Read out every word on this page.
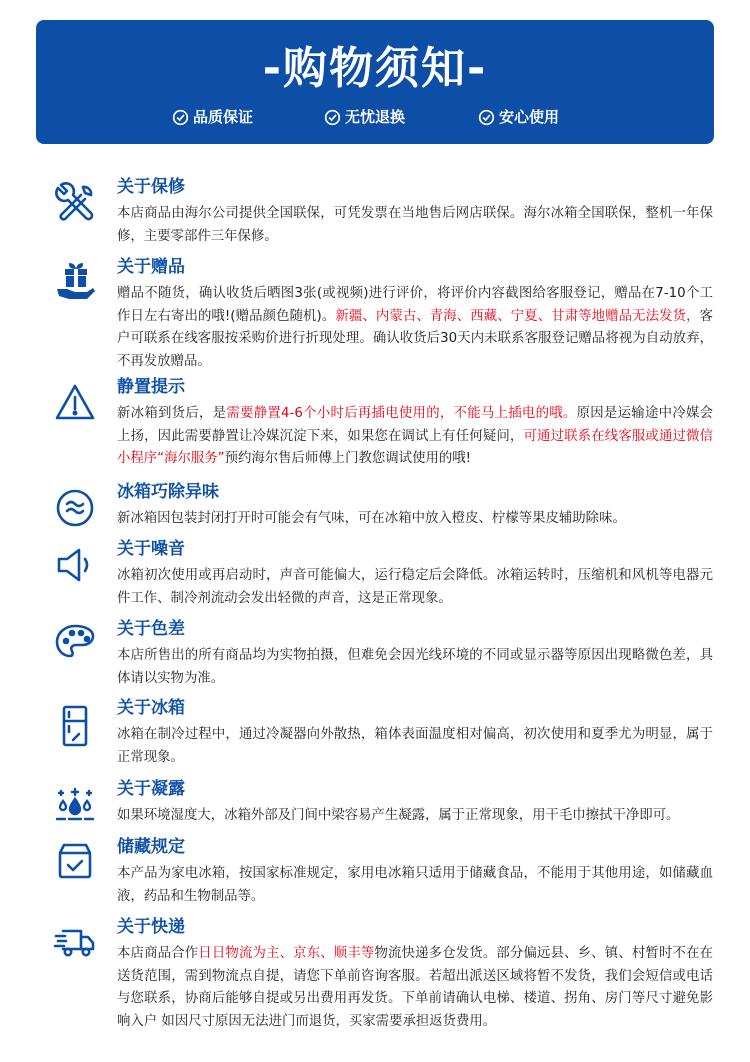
-购物须知-
品质保证	无忧退换	安心使用
关于保修
本店商品由海尔公司提供全国联保，可凭发票在当地售后网店联保。海尔冰箱全国联保，整机一年保修，主要零部件三年保修。
关于赠品
赠品不随货，确认收货后晒图3张(或视频)进行评价，将评价内容截图给客服登记，赠品在7-10个工作日左右寄出的哦!(赠品颜色随机)。新疆、内蒙古、青海、西藏、宁夏、甘肃等地赠品无法发货，客户可联系在线客服按采购价进行折现处理。确认收货后30天内未联系客服登记赠品将视为自动放弃，不再发放赠品。
静置提示
新冰箱到货后，是需要静置4-6个小时后再插电使用的，不能马上插电的哦。原因是运输途中冷媒会上扬，因此需要静置让冷媒沉淀下来，如果您在调试上有任何疑问，可通过联系在线客服或通过微信小程序“海尔服务”预约海尔售后师傅上门教您调试使用的哦!
冰箱巧除异味
新冰箱因包装封闭打开时可能会有气味，可在冰箱中放入橙皮、柠檬等果皮辅助除味。
关于噪音
冰箱初次使用或再启动时，声音可能偏大，运行稳定后会降低。冰箱运转时，压缩机和风机等电器元件工作、制冷剂流动会发出轻微的声音，这是正常现象。
关于色差
本店所售出的所有商品均为实物拍摄，但难免会因光线环境的不同或显示器等原因出现略微色差，具体请以实物为准。
关于冰箱
冰箱在制冷过程中，通过冷凝器向外散热，箱体表面温度相对偏高，初次使用和夏季尤为明显，属于正常现象。
关于凝露
如果环境湿度大，冰箱外部及门间中梁容易产生凝露，属于正常现象，用干毛巾擦拭干净即可。
储藏规定
本产品为家电冰箱，按国家标准规定，家用电冰箱只适用于储藏食品，不能用于其他用途，如储藏血液，药品和生物制品等。
关于快递
本店商品合作日日物流为主、京东、顺丰等物流快递多仓发货。部分偏远县、乡、镇、村暂时不在在送货范围，需到物流点自提，请您下单前咨询客服。若超出派送区域将暂不发货，我们会短信或电话与您联系，协商后能够自提或另出费用再发货。下单前请确认电梯、楼道、拐角、房门等尺寸避免影响入户 如因尺寸原因无法进门而退货，买家需要承担返货费用。
